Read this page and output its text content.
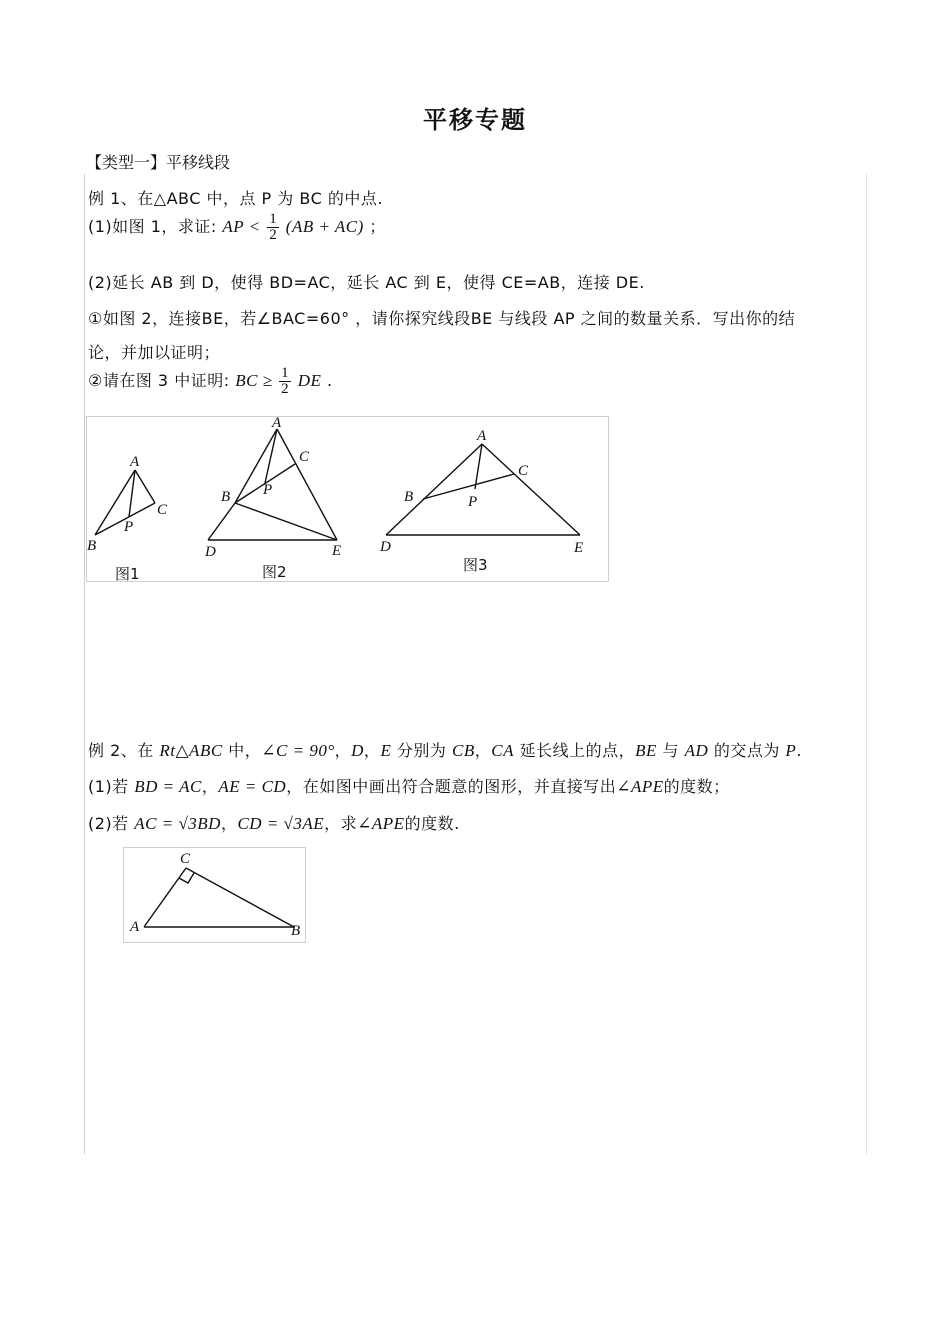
平移专题
【类型一】平移线段
例 1、在△ABC 中，点 P 为 BC 的中点.
(1)如图 1，求证: AP < $\frac{1}{2} (AB + AC)$ ；
(2)延长 AB 到 D，使得 BD=AC，延长 AC 到 E，使得 CE=AB，连接 DE.
①如图 2，连接BE，若∠BAC=60° ，请你探究线段BE 与线段 AP 之间的数量关系．写出你的结
论，并加以证明；
②请在图 3 中证明: BC ≥ $\frac{1}{2}$ DE .
A
B
C
P
图1
A
B
C
P
D	E
图2
A
B
C
P
D	E
图3
例 2、在 Rt△ABC 中，∠C = 90°，D，E 分别为 CB，CA 延长线上的点，BE 与 AD 的交点为 P.
(1)若 BD = AC，AE = CD，在如图中画出符合题意的图形，并直接写出∠APE的度数；
(2)若 AC = √3BD，CD = √3AE，求∠APE的度数.
C
A	B
